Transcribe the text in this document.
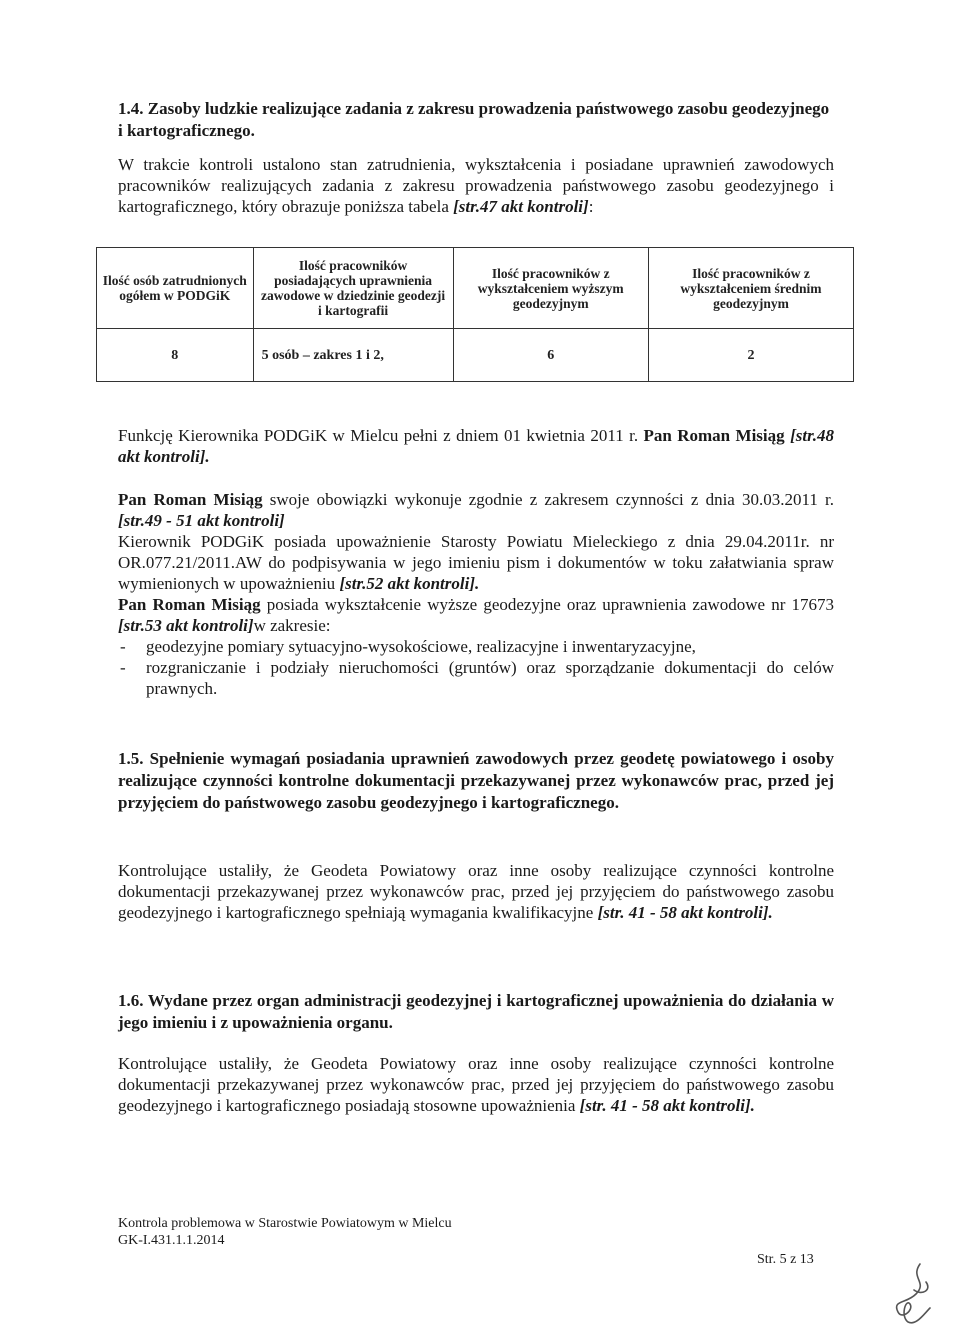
1.4. Zasoby ludzkie realizujące zadania z zakresu prowadzenia państwowego zasobu geodezyjnego i kartograficznego.
W trakcie kontroli ustalono stan zatrudnienia, wykształcenia i posiadane uprawnień zawodowych pracowników realizujących zadania z zakresu prowadzenia państwowego zasobu geodezyjnego i kartograficznego, który obrazuje poniższa tabela [str.47 akt kontroli]:
Ilość osób zatrudnionych ogółem w PODGiK	Ilość pracowników posiadających uprawnienia zawodowe w dziedzinie geodezji i kartografii	Ilość pracowników z wykształceniem wyższym geodezyjnym	Ilość pracowników z wykształceniem średnim geodezyjnym
8	5 osób – zakres 1 i 2,	6	2
Funkcję Kierownika PODGiK w Mielcu pełni z dniem 01 kwietnia 2011 r. Pan Roman Misiąg [str.48 akt kontroli].
Pan Roman Misiąg swoje obowiązki wykonuje zgodnie z zakresem czynności z dnia 30.03.2011 r. [str.49 - 51 akt kontroli]
Kierownik PODGiK posiada upoważnienie Starosty Powiatu Mieleckiego z dnia 29.04.2011r. nr OR.077.21/2011.AW do podpisywania w jego imieniu pism i dokumentów w toku załatwiania spraw wymienionych w upoważnieniu [str.52 akt kontroli].
Pan Roman Misiąg posiada wykształcenie wyższe geodezyjne oraz uprawnienia zawodowe nr 17673 [str.53 akt kontroli]w zakresie:
- geodezyjne pomiary sytuacyjno-wysokościowe, realizacyjne i inwentaryzacyjne,
- rozgraniczanie i podziały nieruchomości (gruntów) oraz sporządzanie dokumentacji do celów prawnych.
1.5. Spełnienie wymagań posiadania uprawnień zawodowych przez geodetę powiatowego i osoby realizujące czynności kontrolne dokumentacji przekazywanej przez wykonawców prac, przed jej przyjęciem do państwowego zasobu geodezyjnego i kartograficznego.
Kontrolujące ustaliły, że Geodeta Powiatowy oraz inne osoby realizujące czynności kontrolne dokumentacji przekazywanej przez wykonawców prac, przed jej przyjęciem do państwowego zasobu geodezyjnego i kartograficznego spełniają wymagania kwalifikacyjne [str. 41 - 58 akt kontroli].
1.6. Wydane przez organ administracji geodezyjnej i kartograficznej upoważnienia do działania w jego imieniu i z upoważnienia organu.
Kontrolujące ustaliły, że Geodeta Powiatowy oraz inne osoby realizujące czynności kontrolne dokumentacji przekazywanej przez wykonawców prac, przed jej przyjęciem do państwowego zasobu geodezyjnego i kartograficznego posiadają stosowne upoważnienia [str. 41 - 58 akt kontroli].
Kontrola problemowa w Starostwie Powiatowym w Mielcu
GK-I.431.1.1.2014
Str. 5 z 13
